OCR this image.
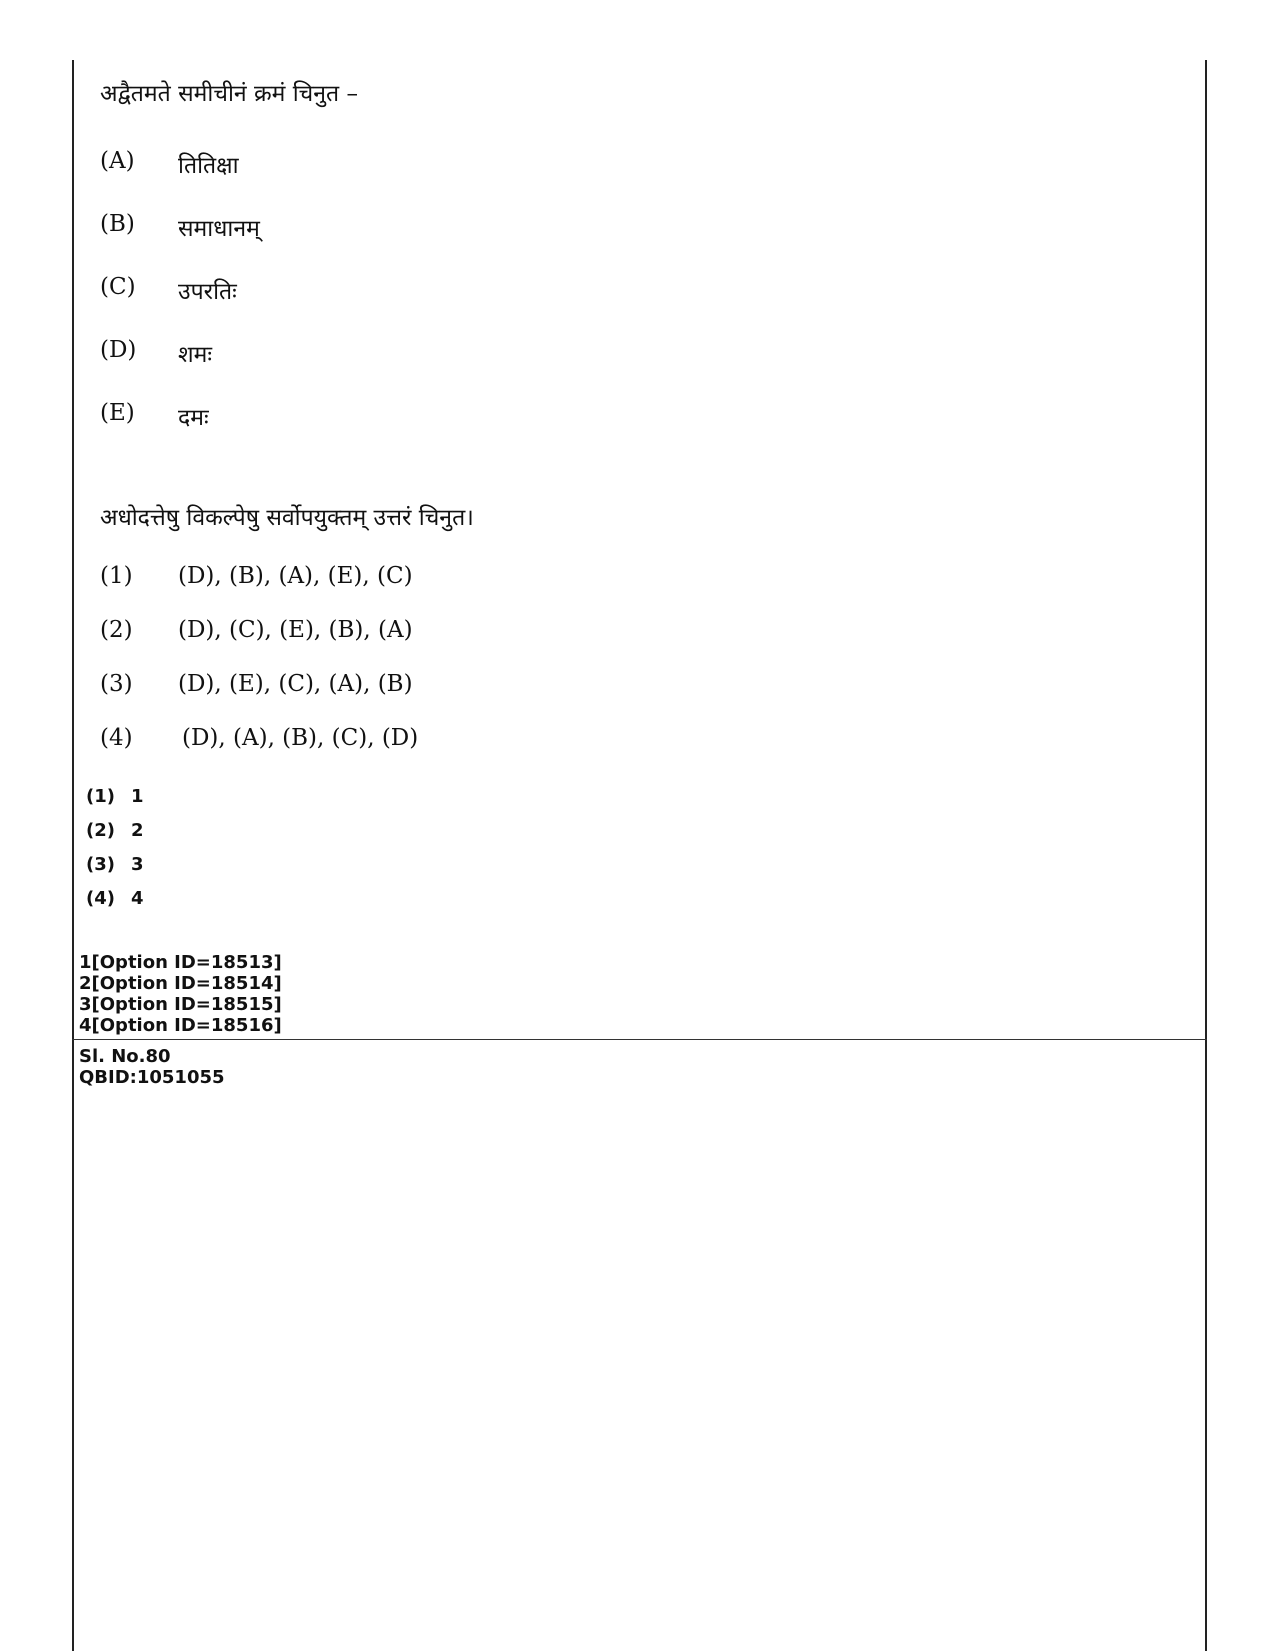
अद्वैतमते समीचीनं क्रमं चिनुत –
(A)	तितिक्षा
(B)	समाधानम्
(C)	उपरतिः
(D)	शमः
(E)	दमः
अधोदत्तेषु विकल्पेषु सर्वोपयुक्तम् उत्तरं चिनुत।
(1)	(D), (B), (A), (E), (C)
(2)	(D), (C), (E), (B), (A)
(3)	(D), (E), (C), (A), (B)
(4)	(D), (A), (B), (C), (D)
(1) 1
(2) 2
(3) 3
(4) 4
1[Option ID=18513]
2[Option ID=18514]
3[Option ID=18515]
4[Option ID=18516]
Sl. No.80
QBID:1051055
